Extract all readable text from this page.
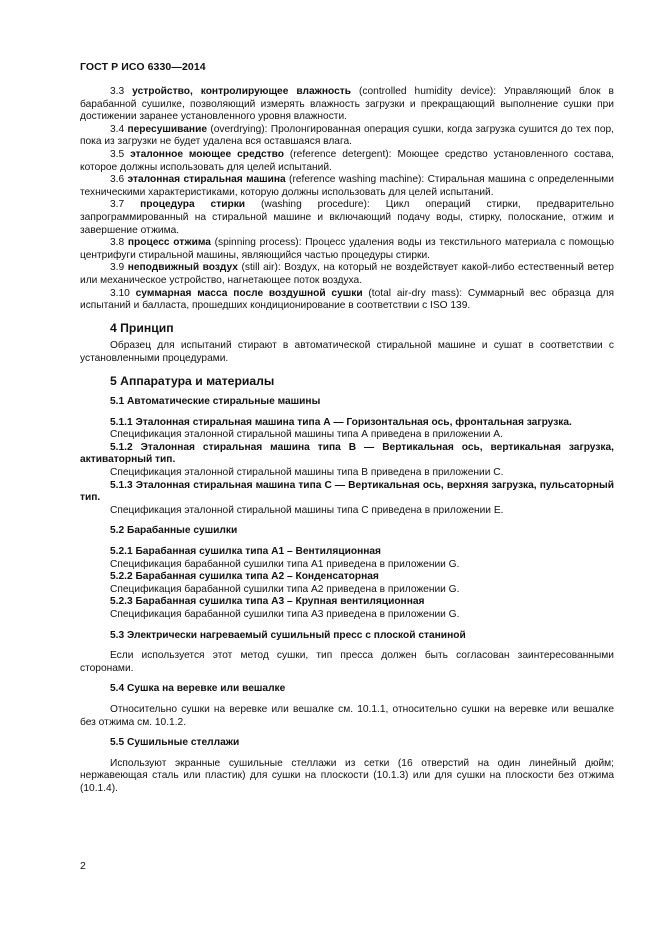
ГОСТ Р ИСО 6330—2014

3.3 устройство, контролирующее влажность (controlled humidity device): Управляющий блок в барабанной сушилке, позволяющий измерять влажность загрузки и прекращающий выполнение сушки при достижении заранее установленного уровня влажности.

3.4 пересушивание (overdrying): Пролонгированная операция сушки, когда загрузка сушится до тех пор, пока из загрузки не будет удалена вся оставшаяся влага.

3.5 эталонное моющее средство (reference detergent): Моющее средство установленного состава, которое должны использовать для целей испытаний.

3.6 эталонная стиральная машина (reference washing machine): Стиральная машина с определенными техническими характеристиками, которую должны использовать для целей испытаний.

3.7 процедура стирки (washing procedure): Цикл операций стирки, предварительно запрограммированный на стиральной машине и включающий подачу воды, стирку, полоскание, отжим и завершение отжима.

3.8 процесс отжима (spinning process): Процесс удаления воды из текстильного материала с помощью центрифуги стиральной машины, являющийся частью процедуры стирки.

3.9 неподвижный воздух (still air): Воздух, на который не воздействует какой-либо естественный ветер или механическое устройство, нагнетающее поток воздуха.

3.10 суммарная масса после воздушной сушки (total air-dry mass): Суммарный вес образца для испытаний и балласта, прошедших кондиционирование в соответствии с ISO 139.

4 Принцип

Образец для испытаний стирают в автоматической стиральной машине и сушат в соответствии с установленными процедурами.

5 Аппаратура и материалы

5.1 Автоматические стиральные машины

5.1.1 Эталонная стиральная машина типа А — Горизонтальная ось, фронтальная загрузка.

Спецификация эталонной стиральной машины типа А приведена в приложении А.

5.1.2 Эталонная стиральная машина типа В — Вертикальная ось, вертикальная загрузка, активаторный тип.

Спецификация эталонной стиральной машины типа В приведена в приложении С.

5.1.3 Эталонная стиральная машина типа С — Вертикальная ось, верхняя загрузка, пульсаторный тип.

Спецификация эталонной стиральной машины типа С приведена в приложении Е.

5.2 Барабанные сушилки

5.2.1 Барабанная сушилка типа А1 – Вентиляционная

Спецификация барабанной сушилки типа А1 приведена в приложении G.

5.2.2 Барабанная сушилка типа А2 – Конденсаторная

Спецификация барабанной сушилки типа А2 приведена в приложении G.

5.2.3 Барабанная сушилка типа А3 – Крупная вентиляционная

Спецификация барабанной сушилки типа А3 приведена в приложении G.

5.3 Электрически нагреваемый сушильный пресс с плоской станиной

Если используется этот метод сушки, тип пресса должен быть согласован заинтересованными сторонами.

5.4 Сушка на веревке или вешалке

Относительно сушки на веревке или вешалке см. 10.1.1, относительно сушки на веревке или вешалке без отжима см. 10.1.2.

5.5 Сушильные стеллажи

Используют экранные сушильные стеллажи из сетки (16 отверстий на один линейный дюйм; нержавеющая сталь или пластик) для сушки на плоскости (10.1.3) или для сушки на плоскости без отжима (10.1.4).

2
